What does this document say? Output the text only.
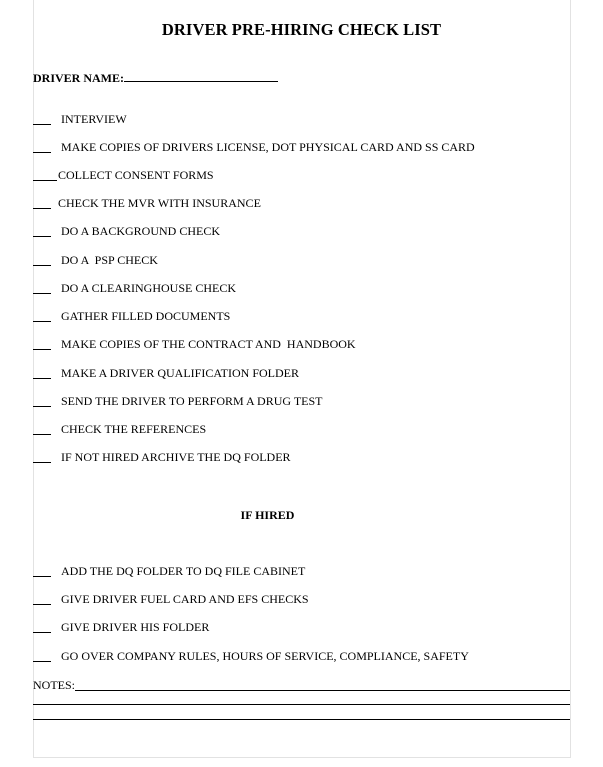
DRIVER PRE-HIRING CHECK LIST
DRIVER NAME:
INTERVIEW
MAKE COPIES OF DRIVERS LICENSE, DOT PHYSICAL CARD AND SS CARD
COLLECT CONSENT FORMS
CHECK THE MVR WITH INSURANCE
DO A BACKGROUND CHECK
DO A  PSP CHECK
DO A CLEARINGHOUSE CHECK
GATHER FILLED DOCUMENTS
MAKE COPIES OF THE CONTRACT AND  HANDBOOK
MAKE A DRIVER QUALIFICATION FOLDER
SEND THE DRIVER TO PERFORM A DRUG TEST
CHECK THE REFERENCES
IF NOT HIRED ARCHIVE THE DQ FOLDER
IF HIRED
ADD THE DQ FOLDER TO DQ FILE CABINET
GIVE DRIVER FUEL CARD AND EFS CHECKS
GIVE DRIVER HIS FOLDER
GO OVER COMPANY RULES, HOURS OF SERVICE, COMPLIANCE, SAFETY
NOTES:
